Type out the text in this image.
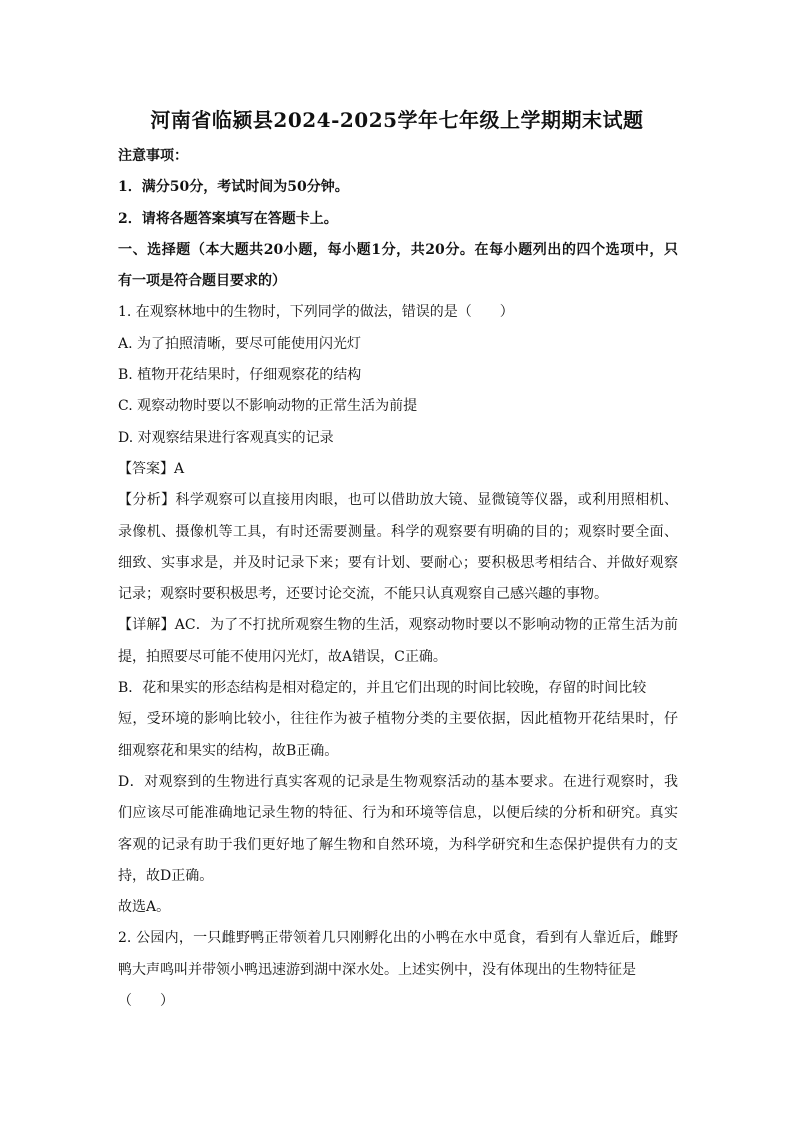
河南省临颍县2024-2025学年七年级上学期期末试题
注意事项：
1．满分50分，考试时间为50分钟。
2．请将各题答案填写在答题卡上。
一、选择题（本大题共20小题，每小题1分，共20分。在每小题列出的四个选项中，只
有一项是符合题目要求的）
1. 在观察林地中的生物时，下列同学的做法，错误的是（　　）
A. 为了拍照清晰，要尽可能使用闪光灯
B. 植物开花结果时，仔细观察花的结构
C. 观察动物时要以不影响动物的正常生活为前提
D. 对观察结果进行客观真实的记录
【答案】A
【分析】科学观察可以直接用肉眼，也可以借助放大镜、显微镜等仪器，或利用照相机、
录像机、摄像机等工具，有时还需要测量。科学的观察要有明确的目的；观察时要全面、
细致、实事求是，并及时记录下来；要有计划、要耐心；要积极思考相结合、并做好观察
记录；观察时要积极思考，还要讨论交流，不能只认真观察自己感兴趣的事物。
【详解】AC．为了不打扰所观察生物的生活，观察动物时要以不影响动物的正常生活为前
提，拍照要尽可能不使用闪光灯，故A错误，C正确。
B．花和果实的形态结构是相对稳定的，并且它们出现的时间比较晚，存留的时间比较
短，受环境的影响比较小，往往作为被子植物分类的主要依据，因此植物开花结果时，仔
细观察花和果实的结构，故B正确。
D．对观察到的生物进行真实客观的记录是生物观察活动的基本要求。在进行观察时，我
们应该尽可能准确地记录生物的特征、行为和环境等信息，以便后续的分析和研究。真实
客观的记录有助于我们更好地了解生物和自然环境，为科学研究和生态保护提供有力的支
持，故D正确。
故选A。
2. 公园内，一只雌野鸭正带领着几只刚孵化出的小鸭在水中觅食，看到有人靠近后，雌野
鸭大声鸣叫并带领小鸭迅速游到湖中深水处。上述实例中，没有体现出的生物特征是
（　　）
